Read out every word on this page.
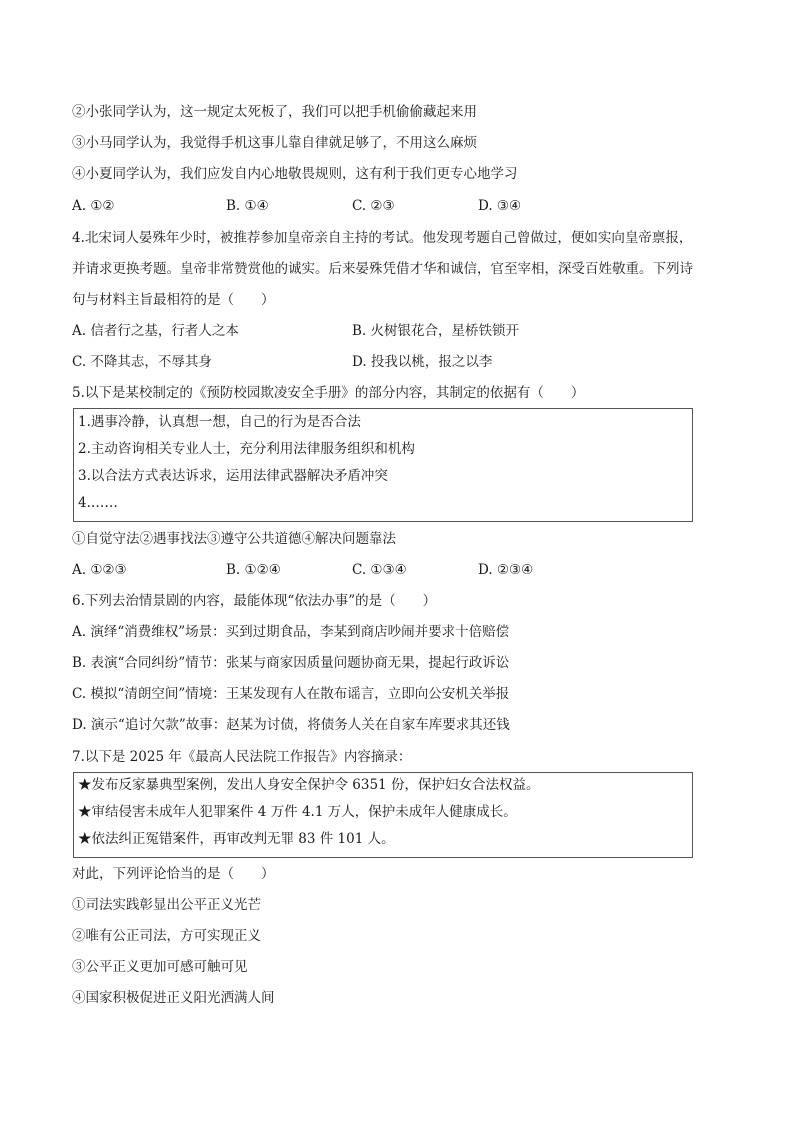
②小张同学认为，这一规定太死板了，我们可以把手机偷偷藏起来用
③小马同学认为，我觉得手机这事儿靠自律就足够了，不用这么麻烦
④小夏同学认为，我们应发自内心地敬畏规则，这有利于我们更专心地学习
A. ①②	B. ①④	C. ②③	D. ③④
4.北宋词人晏殊年少时，被推荐参加皇帝亲自主持的考试。他发现考题自己曾做过，便如实向皇帝禀报，
并请求更换考题。皇帝非常赞赏他的诚实。后来晏殊凭借才华和诚信，官至宰相，深受百姓敬重。下列诗
句与材料主旨最相符的是（　　）
A. 信者行之基，行者人之本	B. 火树银花合，星桥铁锁开
C. 不降其志，不辱其身	D. 投我以桃，报之以李
5.以下是某校制定的《预防校园欺凌安全手册》的部分内容，其制定的依据有（　　）
1.遇事冷静，认真想一想，自己的行为是否合法
2.主动咨询相关专业人士，充分利用法律服务组织和机构
3.以合法方式表达诉求，运用法律武器解决矛盾冲突
4.……
①自觉守法②遇事找法③遵守公共道德④解决问题靠法
A. ①②③	B. ①②④	C. ①③④	D. ②③④
6.下列去治情景剧的内容，最能体现“依法办事”的是（　　）
A. 演绎“消费维权”场景：买到过期食品，李某到商店吵闹并要求十倍赔偿
B. 表演“合同纠纷”情节：张某与商家因质量问题协商无果，提起行政诉讼
C. 模拟“清朗空间”情境：王某发现有人在散布谣言，立即向公安机关举报
D. 演示“追讨欠款”故事：赵某为讨债，将债务人关在自家车库要求其还钱
7.以下是 2025 年《最高人民法院工作报告》内容摘录：
★发布反家暴典型案例，发出人身安全保护令 6351 份，保护妇女合法权益。
★审结侵害未成年人犯罪案件 4 万件 4.1 万人，保护未成年人健康成长。
★依法纠正冤错案件，再审改判无罪 83 件 101 人。
对此，下列评论恰当的是（　　）
①司法实践彰显出公平正义光芒
②唯有公正司法，方可实现正义
③公平正义更加可感可触可见
④国家积极促进正义阳光洒满人间
